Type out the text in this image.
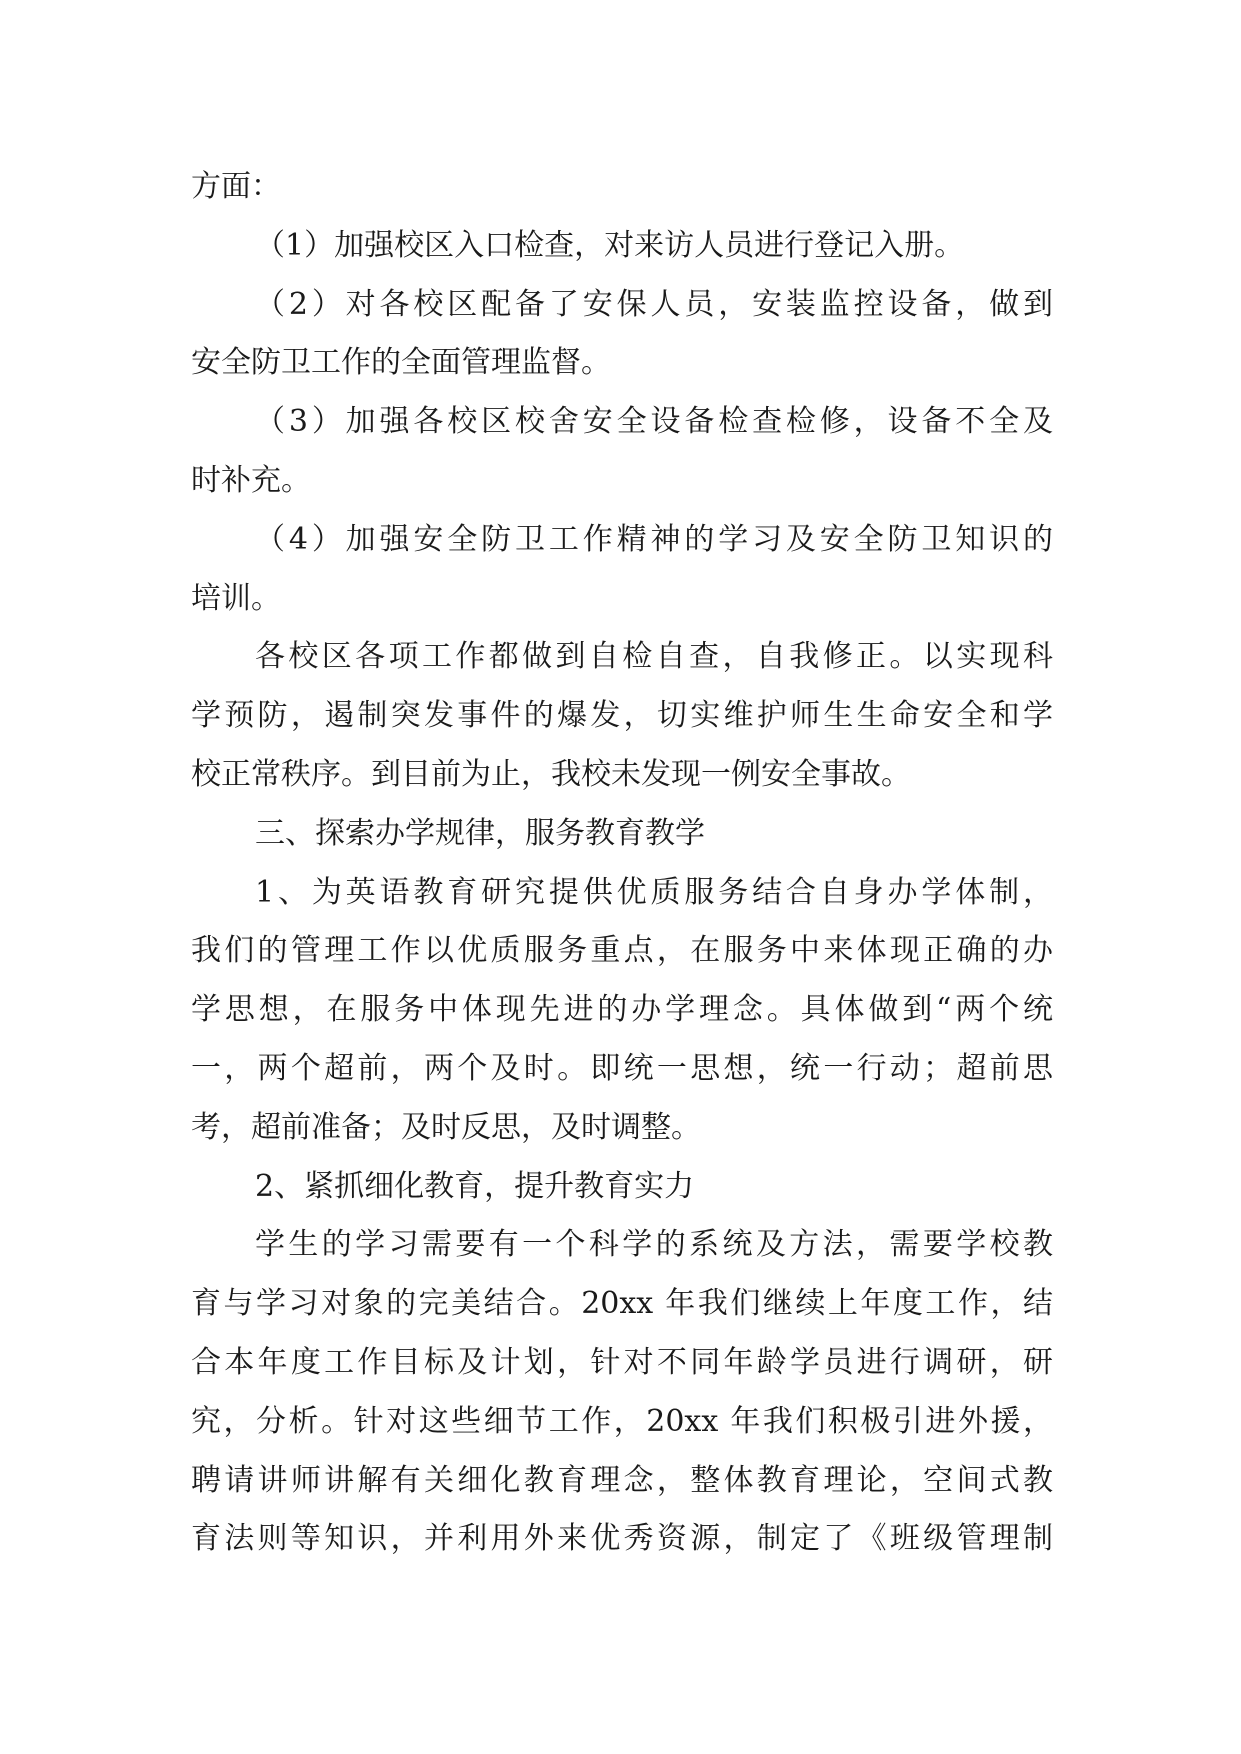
方面：
（1）加强校区入口检查，对来访人员进行登记入册。
（2）对各校区配备了安保人员，安装监控设备，做到
安全防卫工作的全面管理监督。
（3）加强各校区校舍安全设备检查检修，设备不全及
时补充。
（4）加强安全防卫工作精神的学习及安全防卫知识的
培训。
各校区各项工作都做到自检自查，自我修正。以实现科
学预防，遏制突发事件的爆发，切实维护师生生命安全和学
校正常秩序。到目前为止，我校未发现一例安全事故。
三、探索办学规律，服务教育教学
1、为英语教育研究提供优质服务结合自身办学体制，
我们的管理工作以优质服务重点，在服务中来体现正确的办
学思想，在服务中体现先进的办学理念。具体做到“两个统
一，两个超前，两个及时。即统一思想，统一行动；超前思
考，超前准备；及时反思，及时调整。
2、紧抓细化教育，提升教育实力
学生的学习需要有一个科学的系统及方法，需要学校教
育与学习对象的完美结合。20xx 年我们继续上年度工作，结
合本年度工作目标及计划，针对不同年龄学员进行调研，研
究，分析。针对这些细节工作，20xx 年我们积极引进外援，
聘请讲师讲解有关细化教育理念，整体教育理论，空间式教
育法则等知识，并利用外来优秀资源，制定了《班级管理制
